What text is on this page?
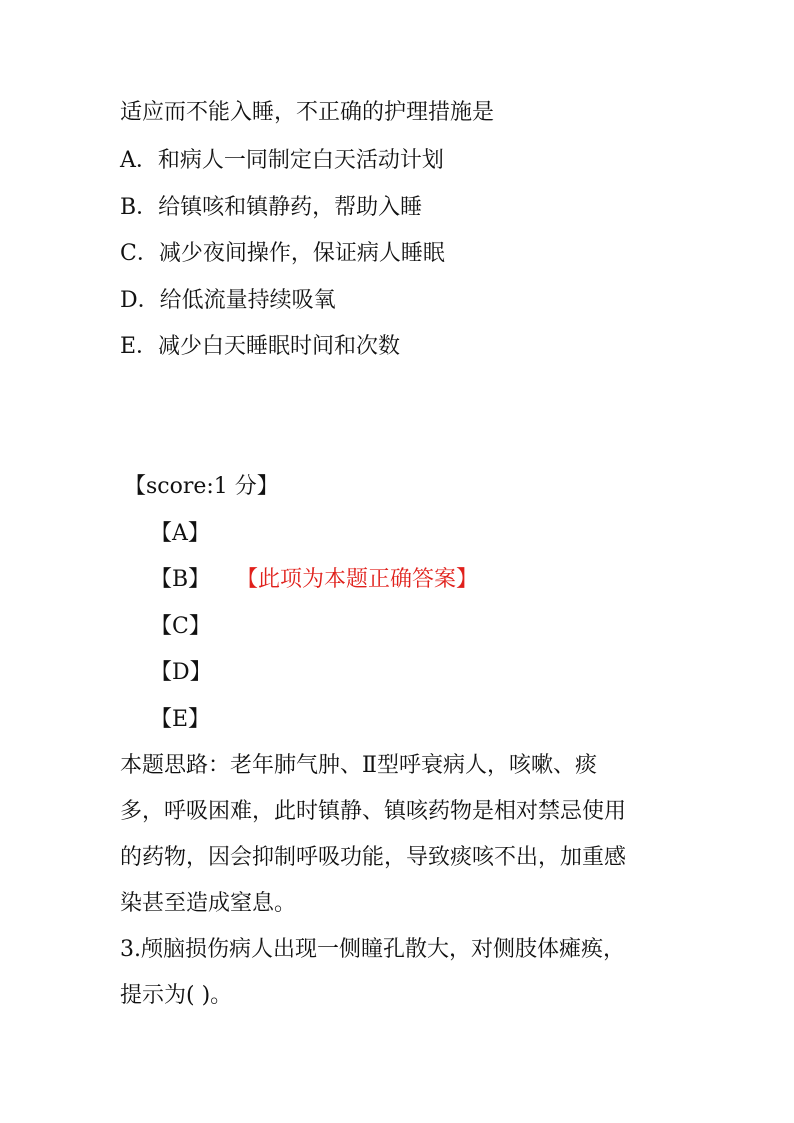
适应而不能入睡，不正确的护理措施是
A．和病人一同制定白天活动计划
B．给镇咳和镇静药，帮助入睡
C．减少夜间操作，保证病人睡眠
D．给低流量持续吸氧
E．减少白天睡眠时间和次数
【score:1 分】
【A】
【B】 【此项为本题正确答案】
【C】
【D】
【E】
本题思路：老年肺气肿、Ⅱ型呼衰病人，咳嗽、痰
多，呼吸困难，此时镇静、镇咳药物是相对禁忌使用
的药物，因会抑制呼吸功能，导致痰咳不出，加重感
染甚至造成窒息。
3.颅脑损伤病人出现一侧瞳孔散大，对侧肢体瘫痪，
提示为( )。
